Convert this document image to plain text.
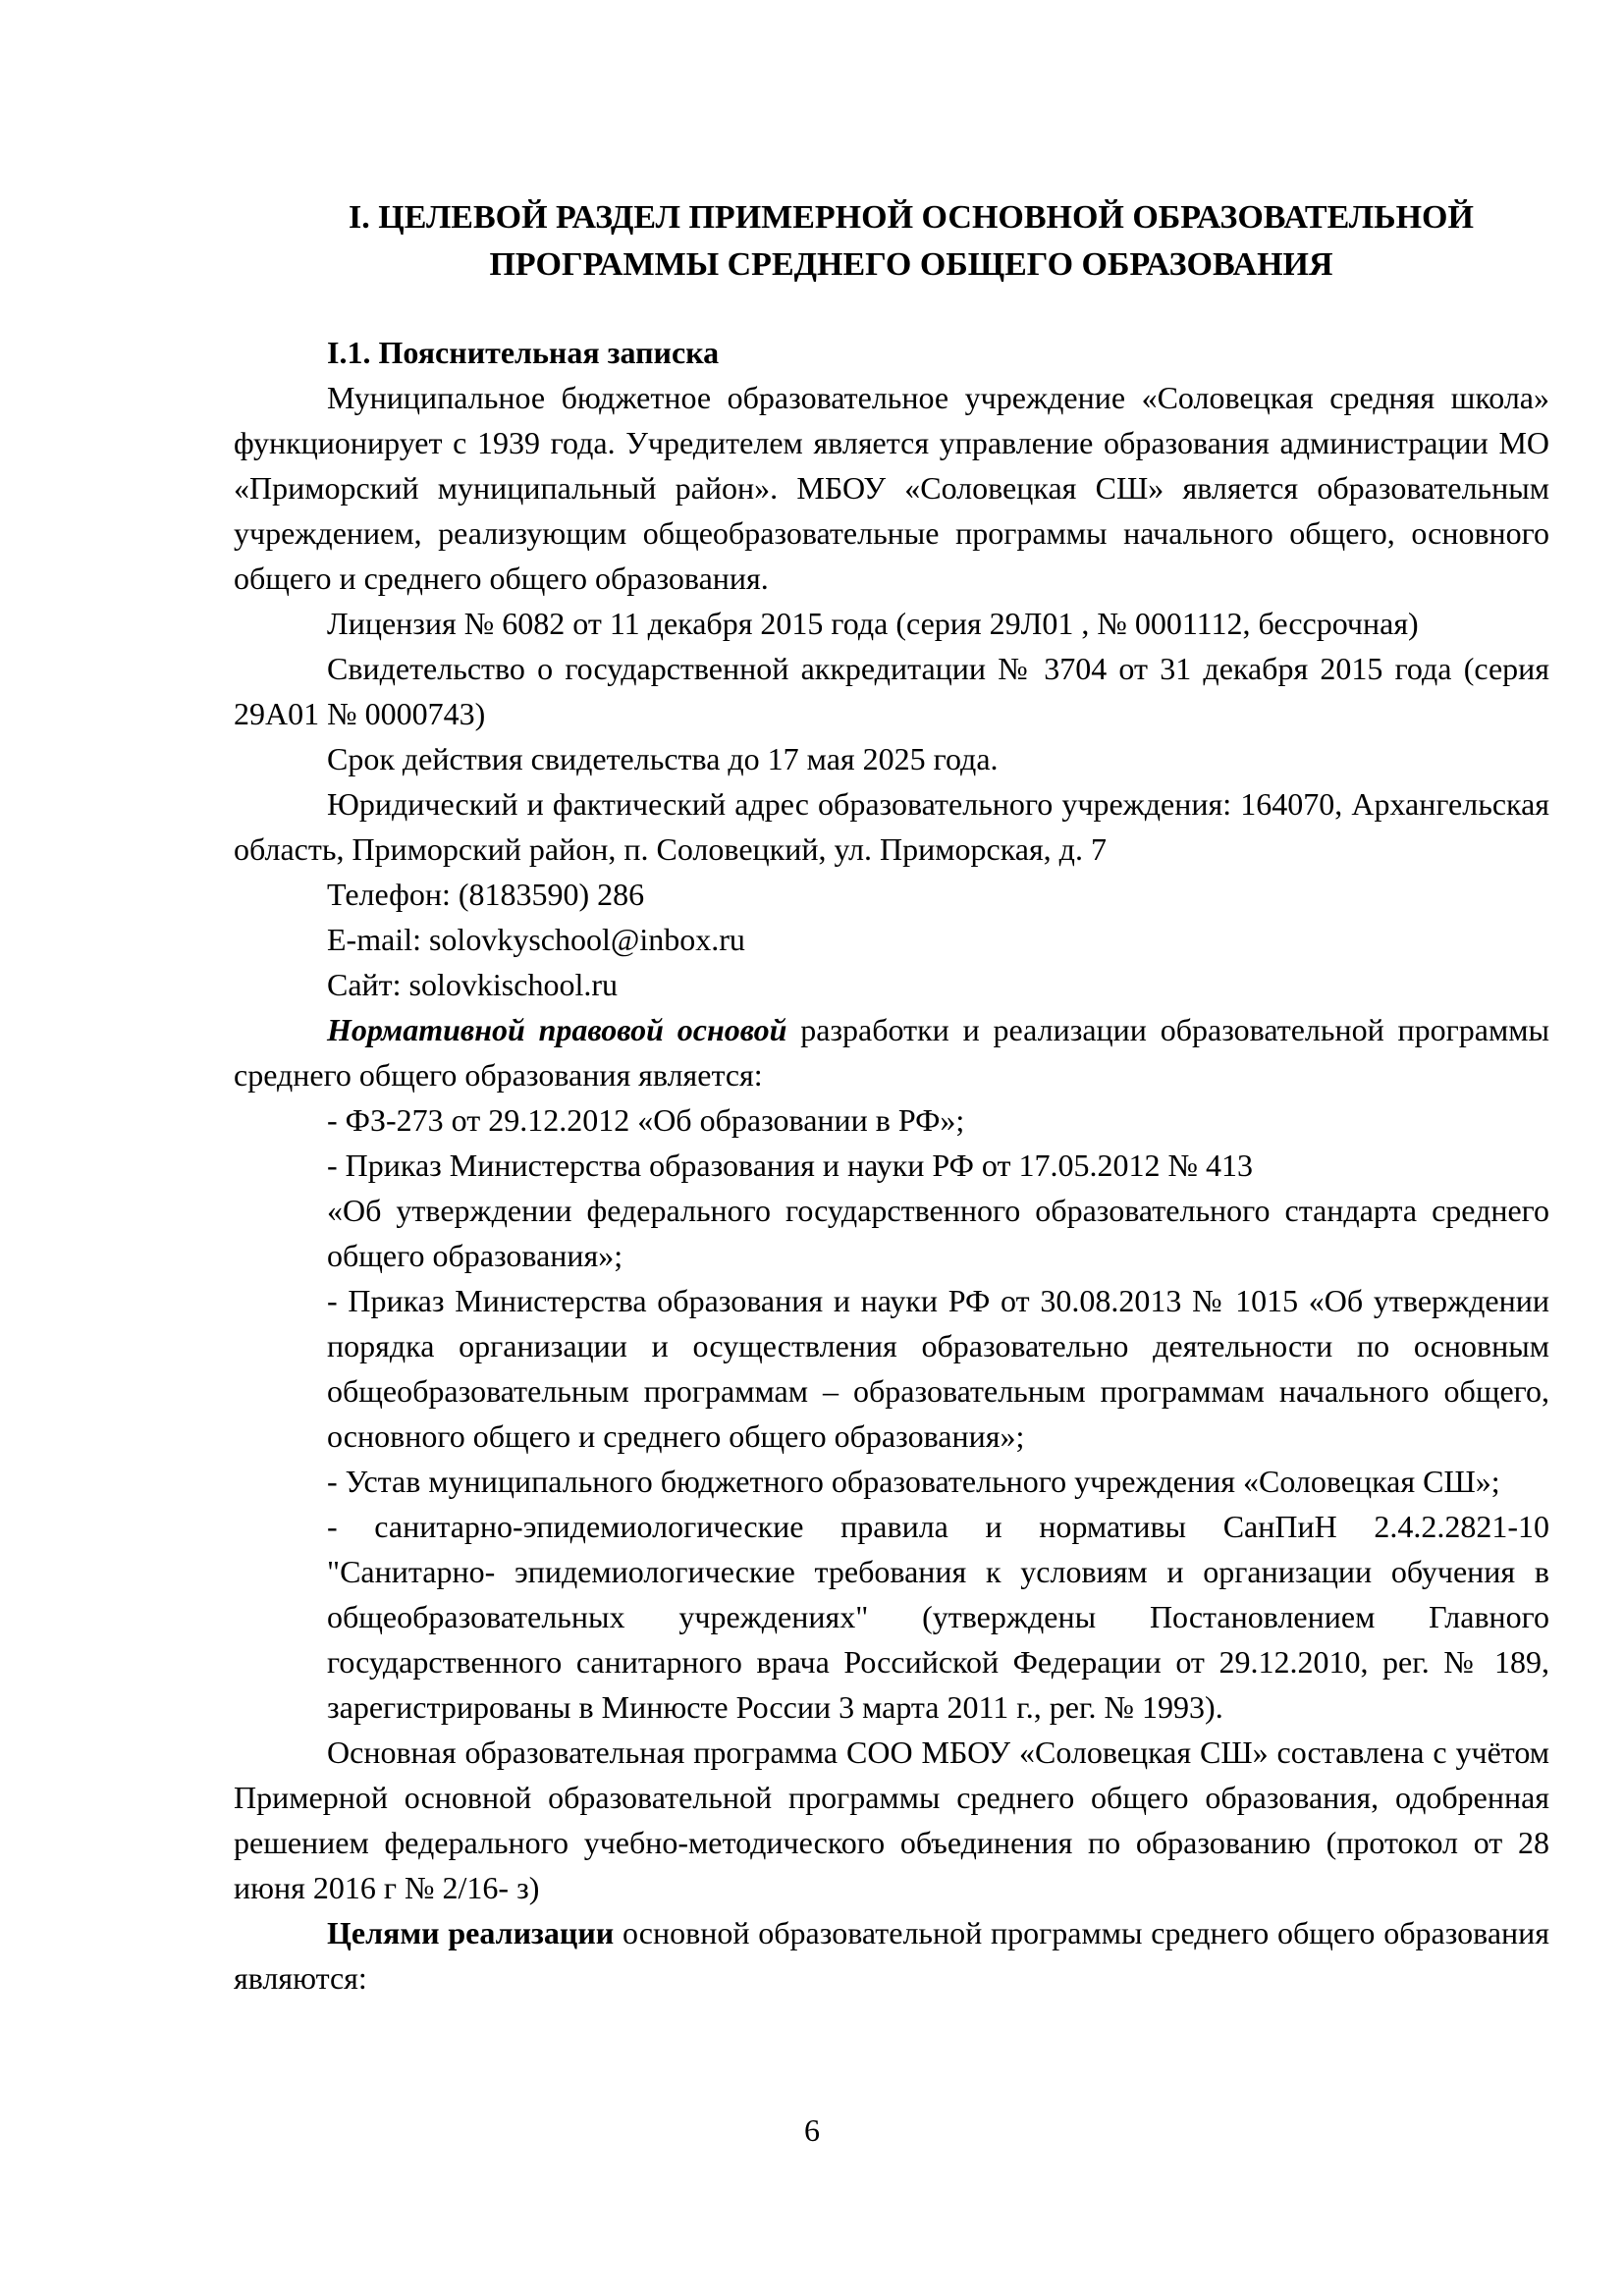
I. ЦЕЛЕВОЙ РАЗДЕЛ ПРИМЕРНОЙ ОСНОВНОЙ ОБРАЗОВАТЕЛЬНОЙ
ПРОГРАММЫ СРЕДНЕГО ОБЩЕГО ОБРАЗОВАНИЯ
I.1. Пояснительная записка

Муниципальное бюджетное образовательное учреждение «Соловецкая средняя школа» функционирует с 1939 года. Учредителем является управление образования администрации МО «Приморский муниципальный район». МБОУ «Соловецкая СШ» является образовательным учреждением, реализующим общеобразовательные программы начального общего, основного общего и среднего общего образования.

Лицензия № 6082 от 11 декабря 2015 года (серия 29Л01 , № 0001112, бессрочная)

Свидетельство о государственной аккредитации № 3704 от 31 декабря 2015 года (серия 29А01 № 0000743)

Срок действия свидетельства до 17 мая 2025 года.

Юридический и фактический адрес образовательного учреждения: 164070, Архангельская область, Приморский район, п. Соловецкий, ул. Приморская, д. 7

Телефон: (8183590) 286

E-mail: solovkyschool@inbox.ru

Сайт: solovkischool.ru

Нормативной правовой основой разработки и реализации образовательной программы среднего общего образования является:

- ФЗ-273 от 29.12.2012 «Об образовании в РФ»;
- Приказ Министерства образования и науки РФ от 17.05.2012 № 413
«Об утверждении федерального государственного образовательного стандарта среднего общего образования»;
- Приказ Министерства образования и науки РФ от 30.08.2013 № 1015 «Об утверждении порядка организации и осуществления образовательно деятельности по основным общеобразовательным программам – образовательным программам начального общего, основного общего и среднего общего образования»;
- Устав муниципального бюджетного образовательного учреждения «Соловецкая СШ»;
- санитарно-эпидемиологические правила и нормативы СанПиН 2.4.2.2821-10 "Санитарно- эпидемиологические требования к условиям и организации обучения в общеобразовательных учреждениях" (утверждены Постановлением Главного государственного санитарного врача Российской Федерации от 29.12.2010, рег. № 189, зарегистрированы в Минюсте России 3 марта 2011 г., рег. № 1993).

Основная образовательная программа СОО МБОУ «Соловецкая СШ» составлена с учётом Примерной основной образовательной программы среднего общего образования, одобренная решением федерального учебно-методического объединения по образованию (протокол от 28 июня 2016 г № 2/16- з)

Целями реализации основной образовательной программы среднего общего образования являются:

6
